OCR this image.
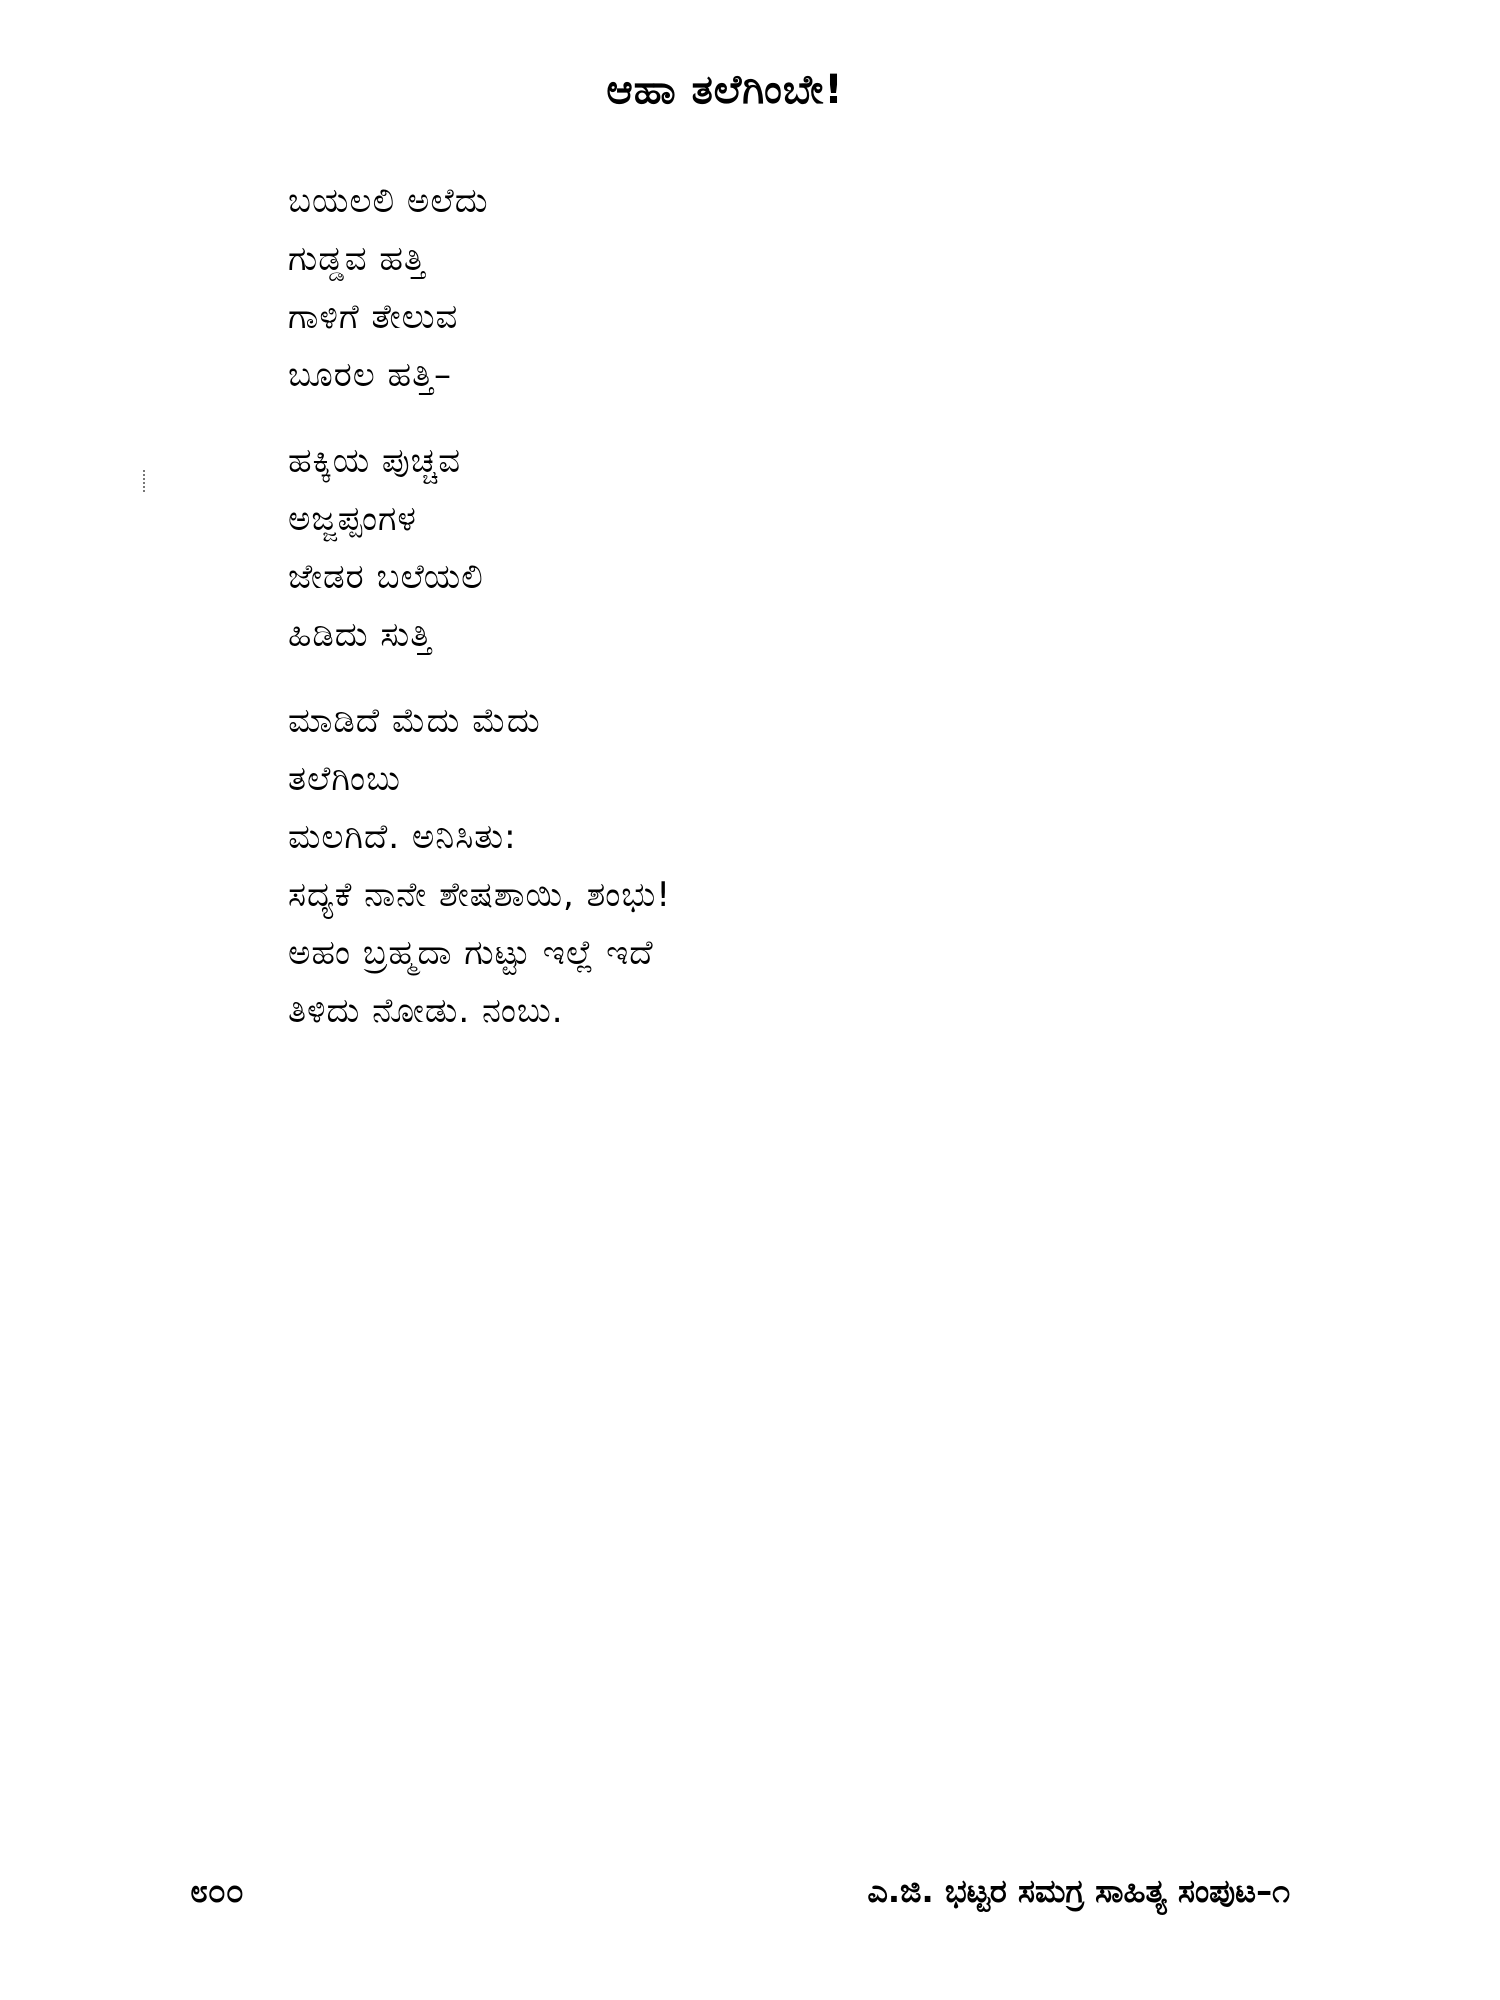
ಆಹಾ ತಲೆಗಿಂಬೇ!
ಬಯಲಲಿ ಅಲೆದು
ಗುಡ್ಡವ ಹತ್ತಿ
ಗಾಳಿಗೆ ತೇಲುವ
ಬೂರಲ ಹತ್ತಿ–
ಹಕ್ಕಿಯ ಪುಚ್ಚವ
ಅಜ್ಜಪ್ಪಂಗಳ
ಜೇಡರ ಬಲೆಯಲಿ
ಹಿಡಿದು ಸುತ್ತಿ
ಮಾಡಿದೆ ಮೆದು ಮೆದು
ತಲೆಗಿಂಬು
ಮಲಗಿದೆ. ಅನಿಸಿತು:
ಸದ್ಯಕೆ ನಾನೇ ಶೇಷಶಾಯಿ, ಶಂಭು!
ಅಹಂ ಬ್ರಹ್ಮದಾ ಗುಟ್ಟು ಇಲ್ಲೆ ಇದೆ
ತಿಳಿದು ನೋಡು. ನಂಬು.
೮೦೦	ಎ.ಜಿ. ಭಟ್ಟರ ಸಮಗ್ರ ಸಾಹಿತ್ಯ ಸಂಪುಟ–೧
